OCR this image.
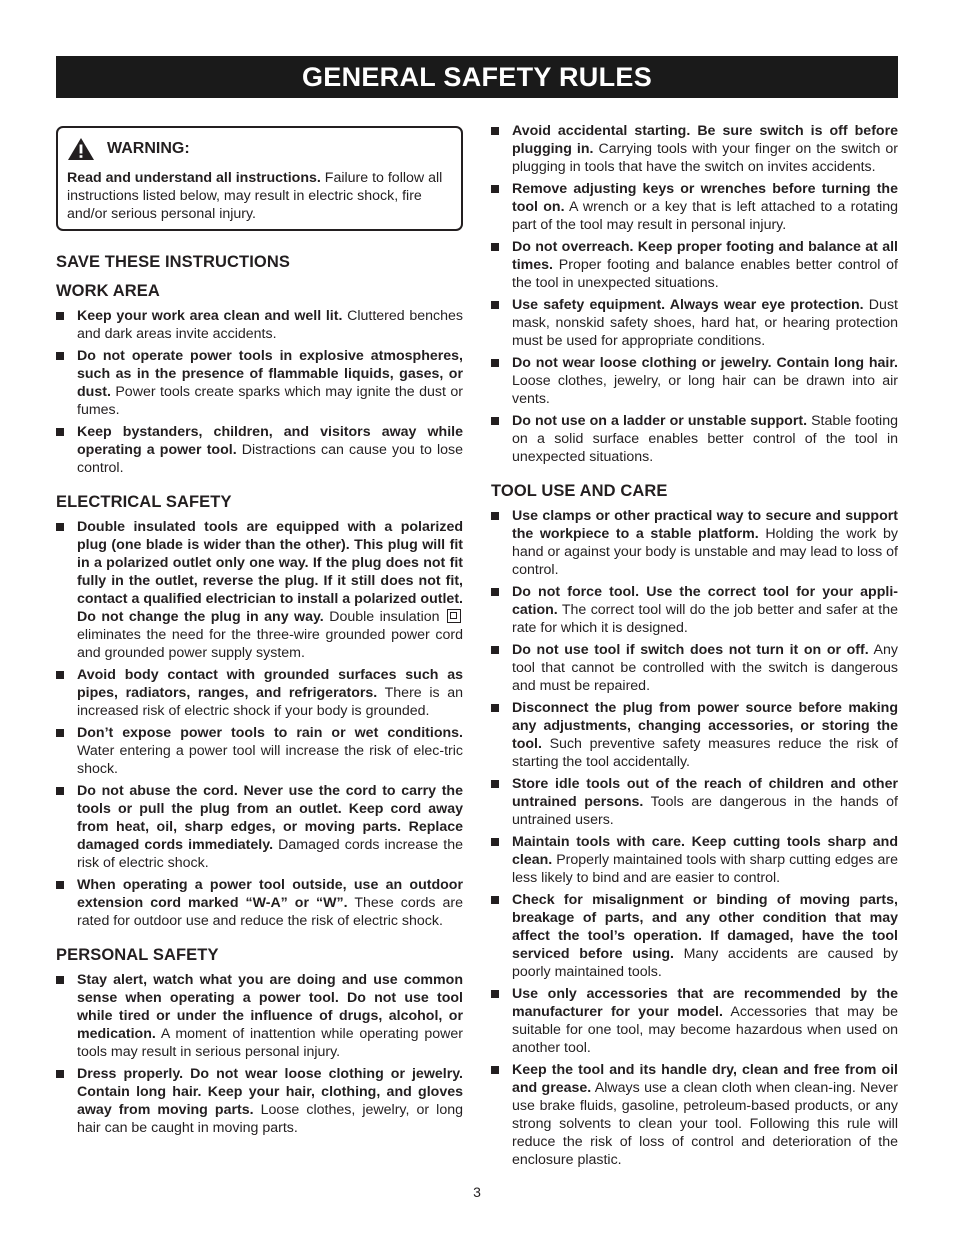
GENERAL SAFETY RULES
WARNING:
Read and understand all instructions. Failure to follow all instructions listed below, may result in electric shock, fire and/or serious personal injury.
SAVE THESE INSTRUCTIONS
WORK AREA
Keep your work area clean and well lit. Cluttered benches and dark areas invite accidents.
Do not operate power tools in explosive atmospheres, such as in the presence of flammable liquids, gases, or dust. Power tools create sparks which may ignite the dust or fumes.
Keep bystanders, children, and visitors away while operating a power tool. Distractions can cause you to lose control.
ELECTRICAL SAFETY
Double insulated tools are equipped with a polarized plug (one blade is wider than the other). This plug will fit in a polarized outlet only one way. If the plug does not fit fully in the outlet, reverse the plug. If it still does not fit, contact a qualified electrician to install a polarized outlet. Do not change the plug in any way. Double insulation  eliminates the need for the three-wire grounded power cord and grounded power supply system.
Avoid body contact with grounded surfaces such as pipes, radiators, ranges, and refrigerators. There is an increased risk of electric shock if your body is grounded.
Don’t expose power tools to rain or wet conditions. Water entering a power tool will increase the risk of elec-tric shock.
Do not abuse the cord. Never use the cord to carry the tools or pull the plug from an outlet. Keep cord away from heat, oil, sharp edges, or moving parts. Replace damaged cords immediately. Damaged cords increase the risk of electric shock.
When operating a power tool outside, use an outdoor extension cord marked “W-A” or “W”. These cords are rated for outdoor use and reduce the risk of electric shock.
PERSONAL SAFETY
Stay alert, watch what you are doing and use common sense when operating a power tool. Do not use tool while tired or under the influence of drugs, alcohol, or medication. A moment of inattention while operating power tools may result in serious personal injury.
Dress properly. Do not wear loose clothing or jewelry. Contain long hair. Keep your hair, clothing, and gloves away from moving parts. Loose clothes, jewelry, or long hair can be caught in moving parts.
Avoid accidental starting. Be sure switch is off before plugging in. Carrying tools with your finger on the switch or plugging in tools that have the switch on invites accidents.
Remove adjusting keys or wrenches before turning the tool on. A wrench or a key that is left attached to a rotating part of the tool may result in personal injury.
Do not overreach. Keep proper footing and balance at all times. Proper footing and balance enables better control of the tool in unexpected situations.
Use safety equipment. Always wear eye protection. Dust mask, nonskid safety shoes, hard hat, or hearing protection must be used for appropriate conditions.
Do not wear loose clothing or jewelry. Contain long hair. Loose clothes, jewelry, or long hair can be drawn into air vents.
Do not use on a ladder or unstable support. Stable footing on a solid surface enables better control of the tool in unexpected situations.
TOOL USE AND CARE
Use clamps or other practical way to secure and support the workpiece to a stable platform. Holding the work by hand or against your body is unstable and may lead to loss of control.
Do not force tool. Use the correct tool for your appli-cation. The correct tool will do the job better and safer at the rate for which it is designed.
Do not use tool if switch does not turn it on or off. Any tool that cannot be controlled with the switch is dangerous and must be repaired.
Disconnect the plug from power source before making any adjustments, changing accessories, or storing the tool. Such preventive safety measures reduce the risk of starting the tool accidentally.
Store idle tools out of the reach of children and other untrained persons. Tools are dangerous in the hands of untrained users.
Maintain tools with care. Keep cutting tools sharp and clean. Properly maintained tools with sharp cutting edges are less likely to bind and are easier to control.
Check for misalignment or binding of moving parts, breakage of parts, and any other condition that may affect the tool’s operation. If damaged, have the tool serviced before using. Many accidents are caused by poorly maintained tools.
Use only accessories that are recommended by the manufacturer for your model. Accessories that may be suitable for one tool, may become hazardous when used on another tool.
Keep the tool and its handle dry, clean and free from oil and grease. Always use a clean cloth when clean-ing. Never use brake fluids, gasoline, petroleum-based products, or any strong solvents to clean your tool. Following this rule will reduce the risk of loss of control and deterioration of the enclosure plastic.
3
